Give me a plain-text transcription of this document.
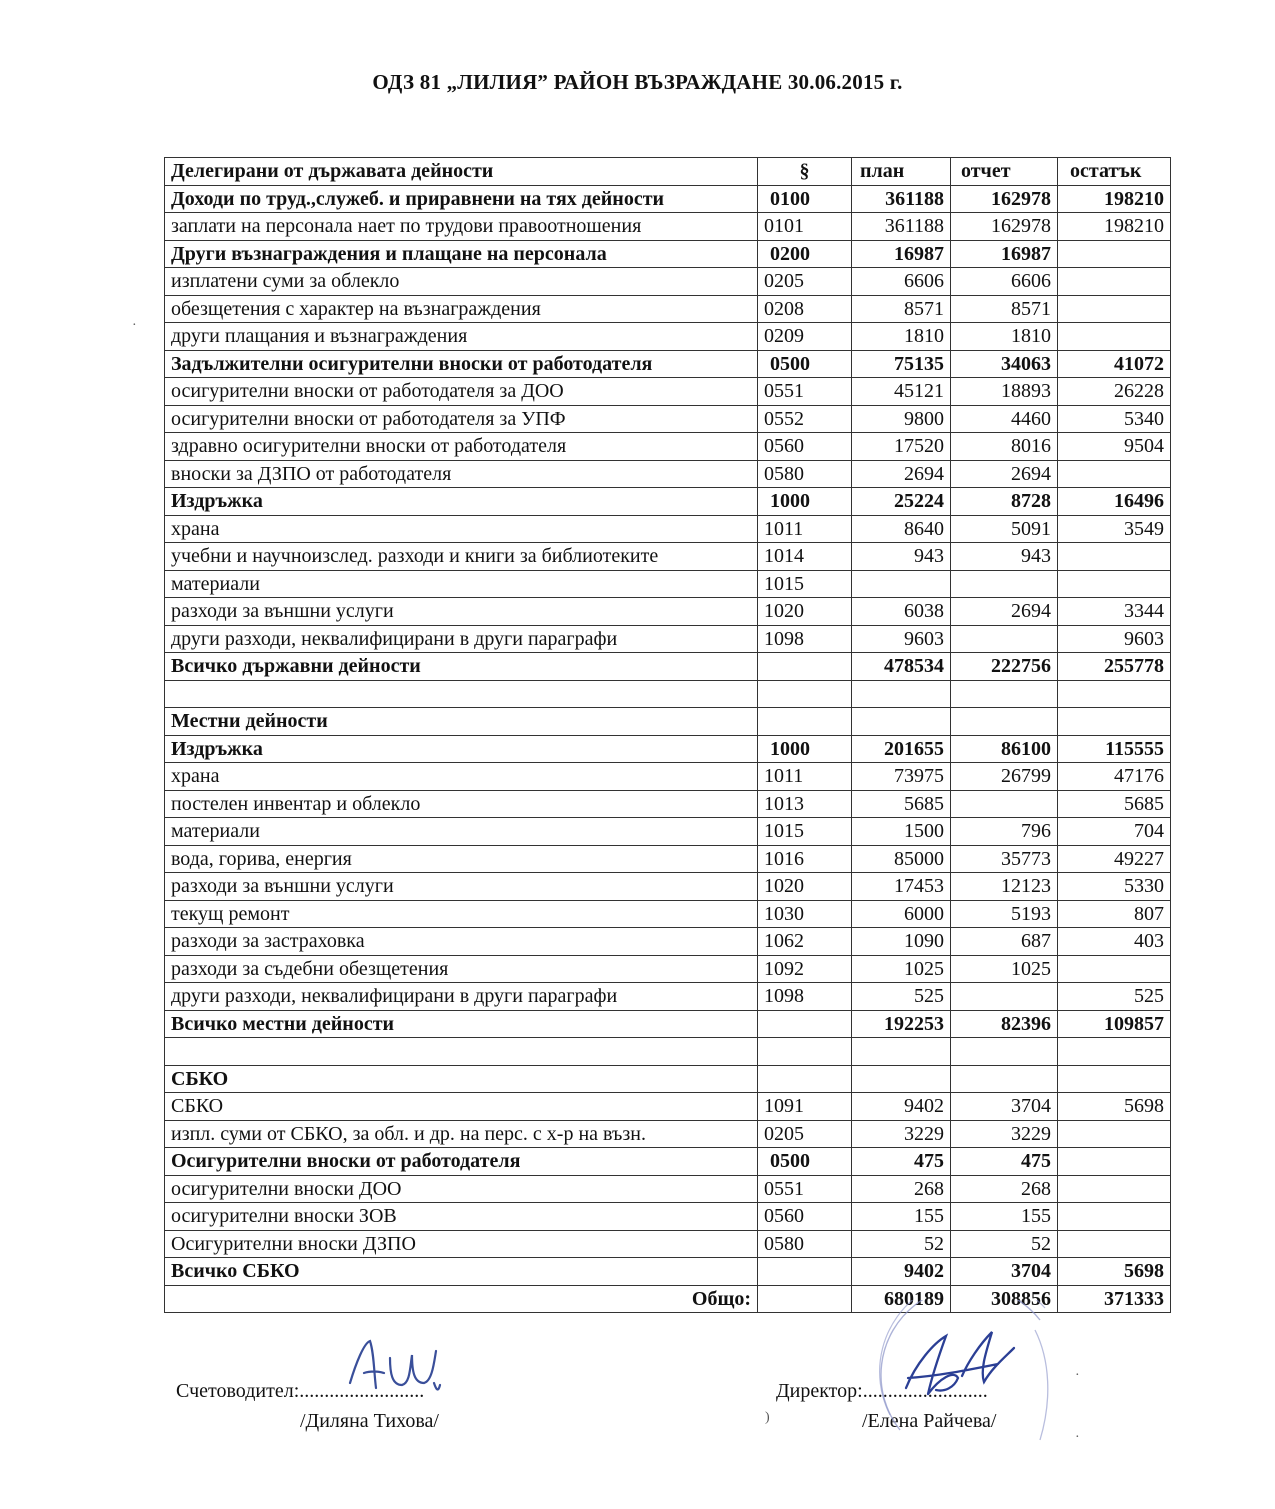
ОДЗ 81 „ЛИЛИЯ” РАЙОН ВЪЗРАЖДАНЕ 30.06.2015 г.
Делегирани от държавата дейности	§	план	отчет	остатък
Доходи по труд.,служеб. и приравнени на тях дейности	0100	361188	162978	198210
заплати на персонала нает по трудови правоотношения	0101	361188	162978	198210
Други възнаграждения и плащане на персонала	0200	16987	16987	
изплатени суми за облекло	0205	6606	6606	
обезщетения с характер на възнаграждения	0208	8571	8571	
други плащания и възнаграждения	0209	1810	1810	
Задължителни осигурителни вноски от работодателя	0500	75135	34063	41072
осигурителни вноски от работодателя за ДОО	0551	45121	18893	26228
осигурителни вноски от работодателя за УПФ	0552	9800	4460	5340
здравно осигурителни вноски от работодателя	0560	17520	8016	9504
вноски за ДЗПО от работодателя	0580	2694	2694	
Издръжка	1000	25224	8728	16496
храна	1011	8640	5091	3549
учебни и научноизслед. разходи и книги за библиотеките	1014	943	943	
материали	1015			
разходи за външни услуги	1020	6038	2694	3344
други разходи, неквалифицирани в други параграфи	1098	9603		9603
Всичко държавни дейности		478534	222756	255778

Местни дейности				
Издръжка	1000	201655	86100	115555
храна	1011	73975	26799	47176
постелен инвентар и облекло	1013	5685		5685
материали	1015	1500	796	704
вода, горива, енергия	1016	85000	35773	49227
разходи за външни услуги	1020	17453	12123	5330
текущ ремонт	1030	6000	5193	807
разходи за застраховка	1062	1090	687	403
разходи за съдебни обезщетения	1092	1025	1025	
други разходи, неквалифицирани в други параграфи	1098	525		525
Всичко местни дейности		192253	82396	109857

СБКО				
СБКО	1091	9402	3704	5698
изпл. суми от СБКО, за обл. и др. на перс. с х-р на възн.	0205	3229	3229	
Осигурителни вноски от работодателя	0500	475	475	
осигурителни вноски ДОО	0551	268	268	
осигурителни вноски ЗОВ	0560	155	155	
Осигурителни вноски ДЗПО	0580	52	52	
Всичко СБКО		9402	3704	5698
Общо:		680189	308856	371333
Счетоводител:.........................
/Диляна Тихова/
Директор:.........................
/Елена Райчева/
·
·
·
)
